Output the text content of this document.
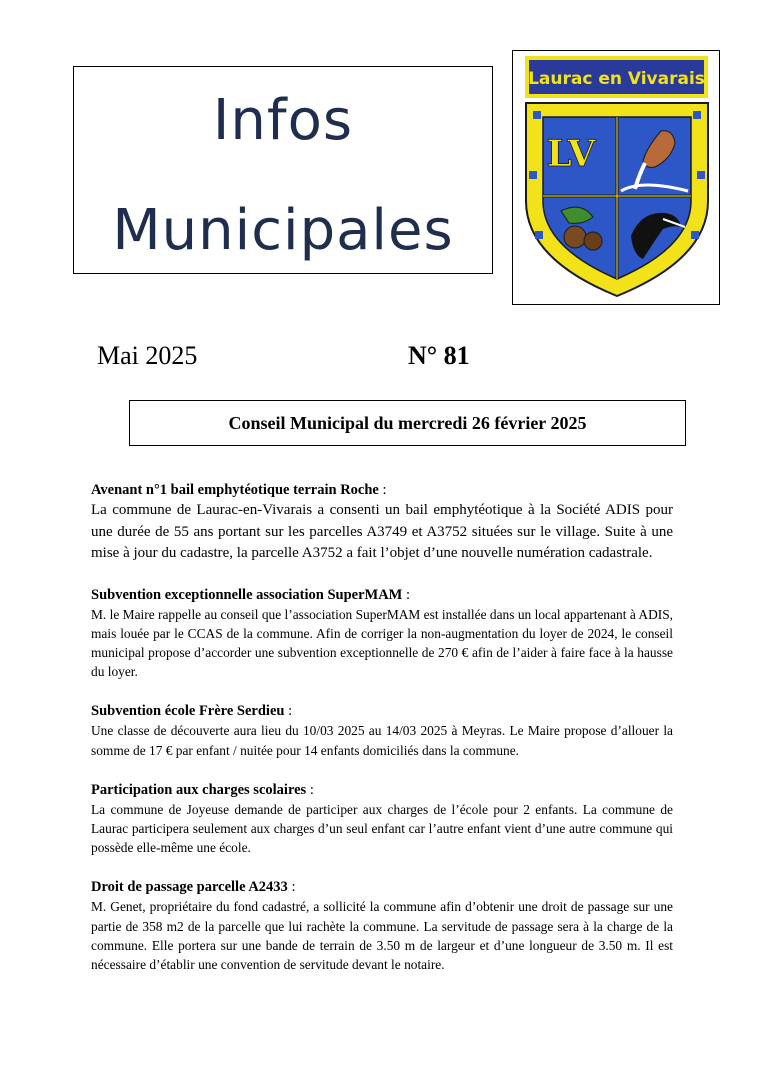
Infos
Municipales
Laurac en Vivarais
LV
Mai 2025	N° 81
Conseil Municipal du mercredi 26 février 2025
Avenant n°1 bail emphytéotique terrain Roche :

La commune de Laurac-en-Vivarais a consenti un bail emphytéotique à la Société ADIS pour une durée de 55 ans portant sur les parcelles A3749 et A3752 situées sur le village. Suite à une mise à jour du cadastre, la parcelle A3752 a fait l’objet d’une nouvelle numération cadastrale.

Subvention exceptionnelle association SuperMAM :

M. le Maire rappelle au conseil que l’association SuperMAM est installée dans un local appartenant à ADIS, mais louée par le CCAS de la commune. Afin de corriger la non-augmentation du loyer de 2024, le conseil municipal propose d’accorder une subvention exceptionnelle de 270 € afin de l’aider à faire face à la hausse du loyer.

Subvention école Frère Serdieu :

Une classe de découverte aura lieu du 10/03 2025 au 14/03 2025 à Meyras. Le Maire propose d’allouer la somme de 17 € par enfant / nuitée pour 14 enfants domiciliés dans la commune.

Participation aux charges scolaires :

La commune de Joyeuse demande de participer aux charges de l’école pour 2 enfants. La commune de Laurac participera seulement aux charges d’un seul enfant car l’autre enfant vient d’une autre commune qui possède elle-même une école.

Droit de passage parcelle A2433 :

M. Genet, propriétaire du fond cadastré, a sollicité la commune afin d’obtenir une droit de passage sur une partie de 358 m2 de la parcelle que lui rachète la commune. La servitude de passage sera à la charge de la commune. Elle portera sur une bande de terrain de 3.50 m de largeur et d’une longueur de 3.50 m. Il est nécessaire d’établir une convention de servitude devant le notaire.
